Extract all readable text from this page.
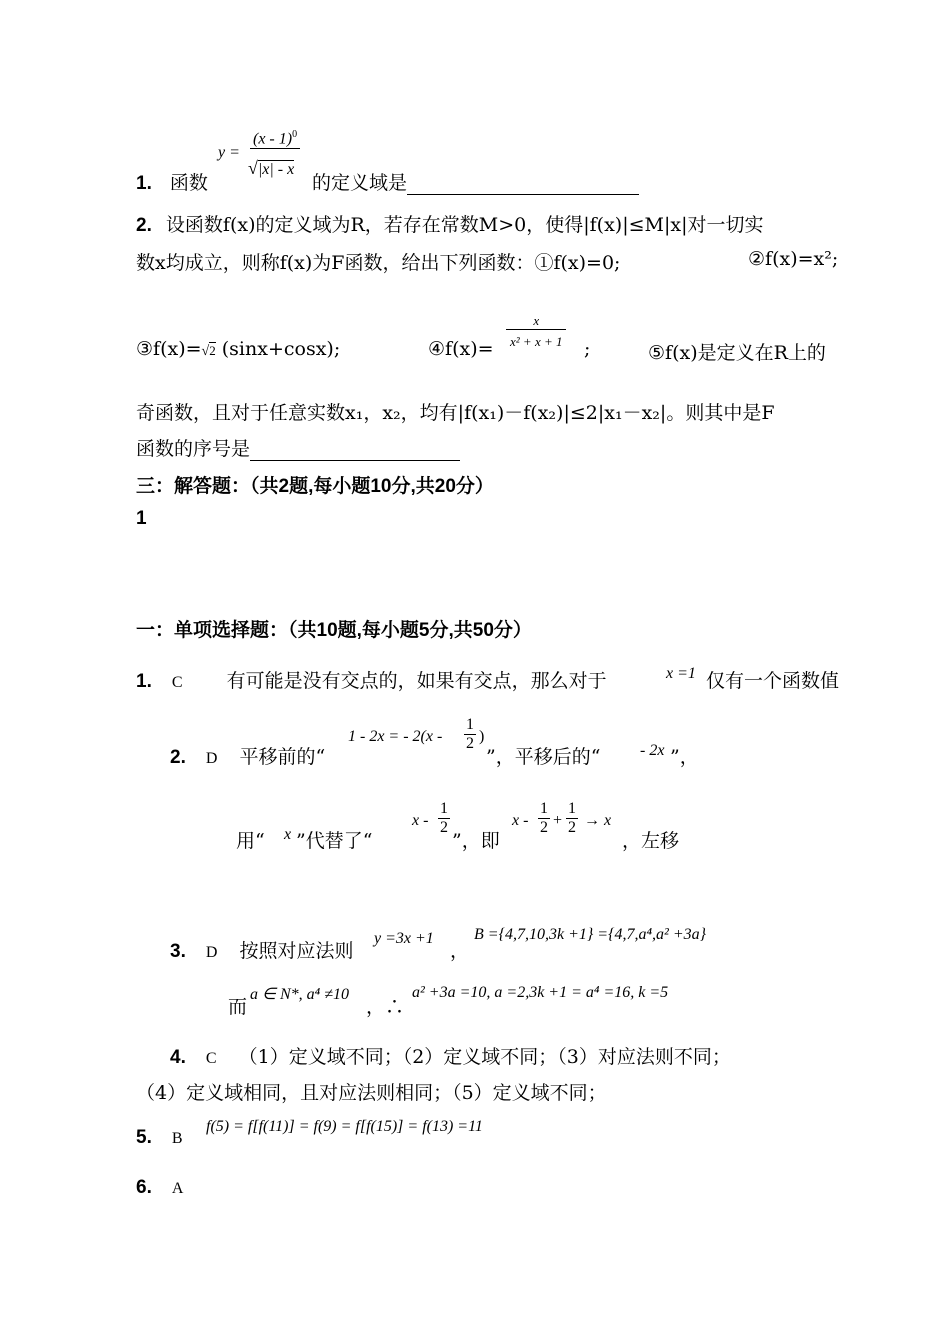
y =
(x - 1)$^0$
√|x| - x
1. 函数	的定义域是
2. 设函数f(x)的定义域为R，若存在常数M>0，使得|f(x)|≤M|x|对一切实
数x均成立，则称f(x)为F函数，给出下列函数：①f(x)=0;	②f(x)=x²;
③f(x)=√2 (sinx+cosx);	④f(x)=
x
x² + x + 1 ;	⑤f(x)是定义在R上的
奇函数，且对于任意实数x₁，x₂，均有|f(x₁)－f(x₂)|≤2|x₁－x₂|。则其中是F
函数的序号是
三：解答题：（共2题,每小题10分,共20分）
1
一：单项选择题：（共10题,每小题5分,共50分）
1. C 有可能是没有交点的，如果有交点，那么对于	x =1 仅有一个函数值
2. D 平移前的“
1 - 2x = - 2(x -
1
2 )
”，平移后的“ - 2x ”，
用“ x ”代替了“
x -
1
2
”，即
x -
1
2 +
1
2 → x
，左移
3. D 按照对应法则
y =3x +1
，
B ={4,7,10,3k +1} ={4,7,a⁴,a² +3a}
而
a ∈ N*, a⁴ ≠10
，∴
a² +3a =10, a =2,3k +1 = a⁴ =16, k =5
4. C （1）定义域不同；（2）定义域不同；（3）对应法则不同；
（4）定义域相同，且对应法则相同；（5）定义域不同；
5. B
f(5) = f[f(11)] = f(9) = f[f(15)] = f(13) =11
6. A
